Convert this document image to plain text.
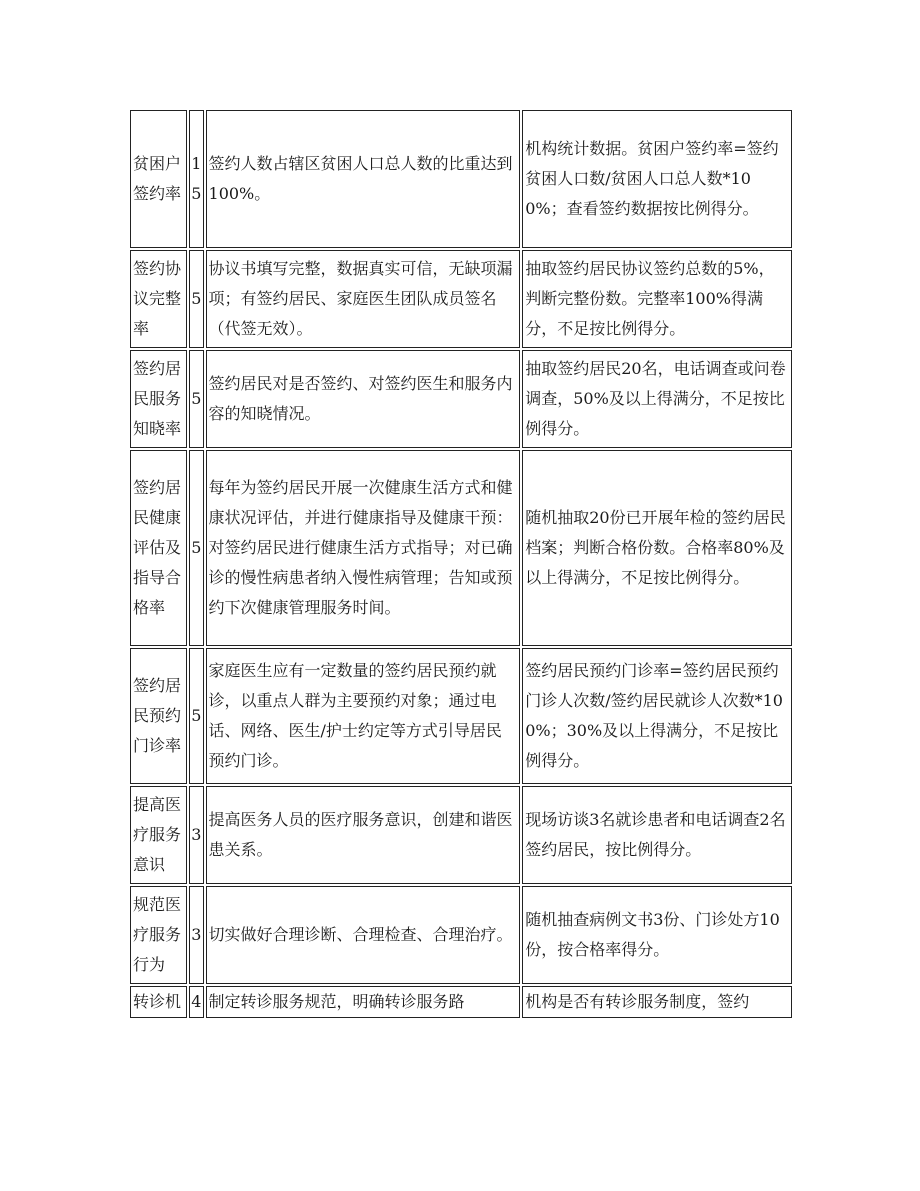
贫困户签约率	15	签约人数占辖区贫困人口总人数的比重达到100%。	机构统计数据。贫困户签约率=签约贫困人口数/贫困人口总人数*100%；查看签约数据按比例得分。
签约协议完整率	5	协议书填写完整，数据真实可信，无缺项漏项；有签约居民、家庭医生团队成员签名（代签无效）。	抽取签约居民协议签约总数的5%，判断完整份数。完整率100%得满分，不足按比例得分。
签约居民服务知晓率	5	签约居民对是否签约、对签约医生和服务内容的知晓情况。	抽取签约居民20名，电话调查或问卷调查，50%及以上得满分，不足按比例得分。
签约居民健康评估及指导合格率	5	每年为签约居民开展一次健康生活方式和健康状况评估，并进行健康指导及健康干预：对签约居民进行健康生活方式指导；对已确诊的慢性病患者纳入慢性病管理；告知或预约下次健康管理服务时间。	随机抽取20份已开展年检的签约居民档案；判断合格份数。合格率80%及以上得满分，不足按比例得分。
签约居民预约门诊率	5	家庭医生应有一定数量的签约居民预约就诊，以重点人群为主要预约对象；通过电话、网络、医生/护士约定等方式引导居民预约门诊。	签约居民预约门诊率=签约居民预约门诊人次数/签约居民就诊人次数*100%；30%及以上得满分，不足按比例得分。
提高医疗服务意识	3	提高医务人员的医疗服务意识，创建和谐医患关系。	现场访谈3名就诊患者和电话调查2名签约居民，按比例得分。
规范医疗服务行为	3	切实做好合理诊断、合理检查、合理治疗。	随机抽查病例文书3份、门诊处方10份，按合格率得分。
转诊机	4	制定转诊服务规范，明确转诊服务路	机构是否有转诊服务制度，签约
